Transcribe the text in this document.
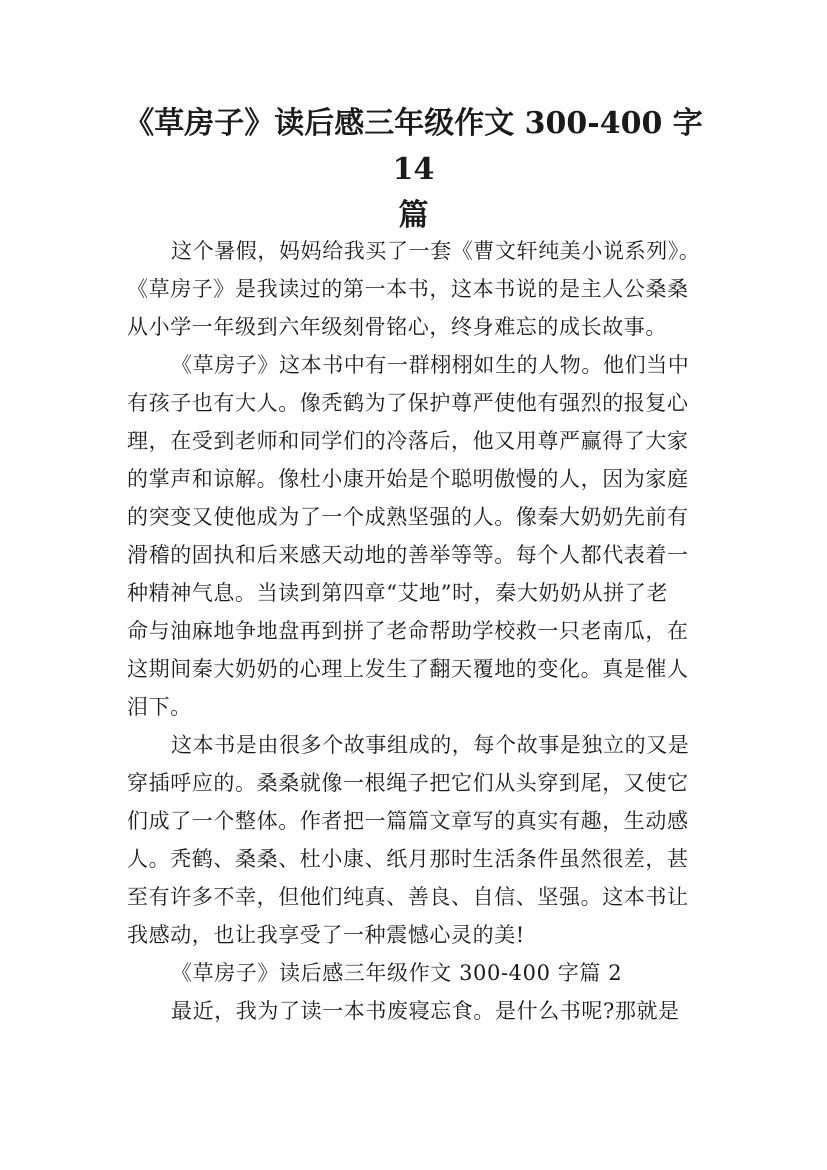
《草房子》读后感三年级作文 300-400 字 14
篇
这个暑假，妈妈给我买了一套《曹文轩纯美小说系列》。
《草房子》是我读过的第一本书，这本书说的是主人公桑桑
从小学一年级到六年级刻骨铭心，终身难忘的成长故事。
《草房子》这本书中有一群栩栩如生的人物。他们当中
有孩子也有大人。像秃鹤为了保护尊严使他有强烈的报复心
理，在受到老师和同学们的冷落后，他又用尊严赢得了大家
的掌声和谅解。像杜小康开始是个聪明傲慢的人，因为家庭
的突变又使他成为了一个成熟坚强的人。像秦大奶奶先前有
滑稽的固执和后来感天动地的善举等等。每个人都代表着一
种精神气息。当读到第四章“艾地”时，秦大奶奶从拼了老
命与油麻地争地盘再到拼了老命帮助学校救一只老南瓜，在
这期间秦大奶奶的心理上发生了翻天覆地的变化。真是催人
泪下。
这本书是由很多个故事组成的，每个故事是独立的又是
穿插呼应的。桑桑就像一根绳子把它们从头穿到尾，又使它
们成了一个整体。作者把一篇篇文章写的真实有趣，生动感
人。秃鹤、桑桑、杜小康、纸月那时生活条件虽然很差，甚
至有许多不幸，但他们纯真、善良、自信、坚强。这本书让
我感动，也让我享受了一种震憾心灵的美!
《草房子》读后感三年级作文 300-400 字篇 2
最近，我为了读一本书废寝忘食。是什么书呢?那就是
